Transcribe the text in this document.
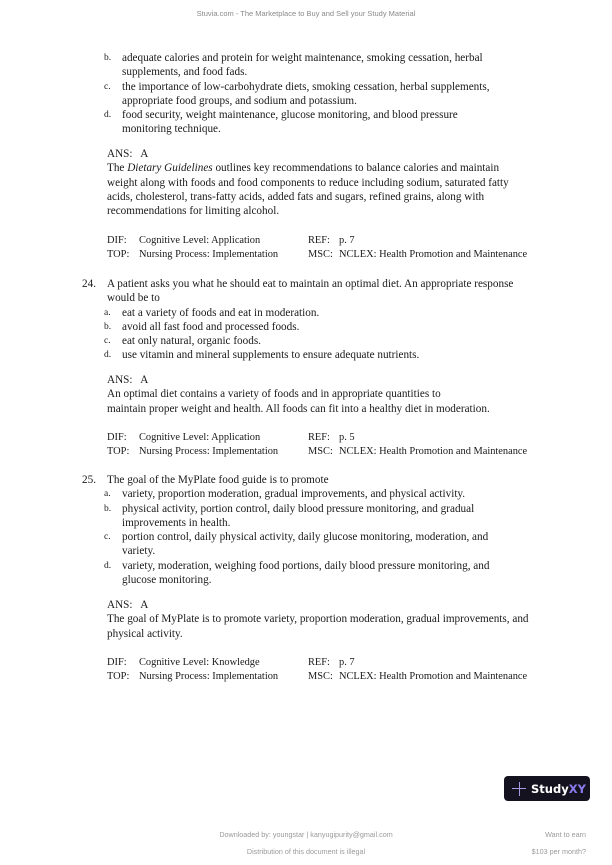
Stuvia.com - The Marketplace to Buy and Sell your Study Material
b. adequate calories and protein for weight maintenance, smoking cessation, herbal
supplements, and food fads.
c. the importance of low-carbohydrate diets, smoking cessation, herbal supplements,
appropriate food groups, and sodium and potassium.
d. food security, weight maintenance, glucose monitoring, and blood pressure
monitoring technique.
ANS:   A
The Dietary Guidelines outlines key recommendations to balance calories and maintain
weight along with foods and food components to reduce including sodium, saturated fatty
acids, cholesterol, trans-fatty acids, added fats and sugars, refined grains, along with
recommendations for limiting alcohol.
DIF: Cognitive Level: Application	REF: p. 7
TOP: Nursing Process: Implementation	MSC: NCLEX: Health Promotion and Maintenance
24. A patient asks you what he should eat to maintain an optimal diet. An appropriate response
would be to
a. eat a variety of foods and eat in moderation.
b. avoid all fast food and processed foods.
c. eat only natural, organic foods.
d. use vitamin and mineral supplements to ensure adequate nutrients.
ANS:   A
An optimal diet contains a variety of foods and in appropriate quantities to
maintain proper weight and health. All foods can fit into a healthy diet in moderation.
DIF: Cognitive Level: Application	REF: p. 5
TOP: Nursing Process: Implementation	MSC: NCLEX: Health Promotion and Maintenance
25. The goal of the MyPlate food guide is to promote
a. variety, proportion moderation, gradual improvements, and physical activity.
b. physical activity, portion control, daily blood pressure monitoring, and gradual
improvements in health.
c. portion control, daily physical activity, daily glucose monitoring, moderation, and
variety.
d. variety, moderation, weighing food portions, daily blood pressure monitoring, and
glucose monitoring.
ANS:   A
The goal of MyPlate is to promote variety, proportion moderation, gradual improvements, and
physical activity.
DIF: Cognitive Level: Knowledge	REF: p. 7
TOP: Nursing Process: Implementation	MSC: NCLEX: Health Promotion and Maintenance
StudyXY
Downloaded by: youngstar | kanyugipurity@gmail.com
Distribution of this document is illegal
Want to earn
$103 per month?
